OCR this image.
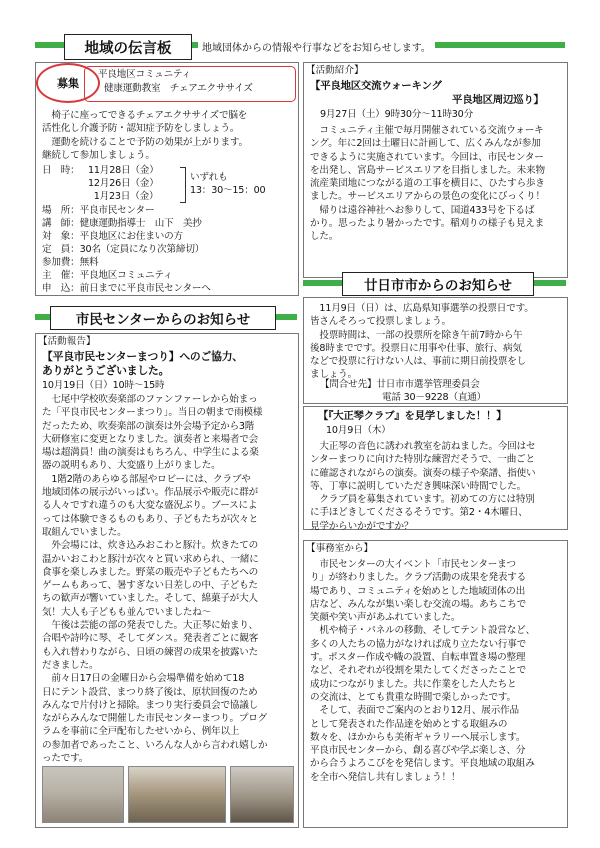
地域の伝言板	地域団体からの情報や行事などをお知らせします。
募集
平良地区コミュニティ
健康運動教室　チェアエクササイズ
　椅子に座ってできるチェアエクササイズで脳を
活性化し介護予防・認知症予防をしましょう。
　運動を続けることで予防の効果が上がります。
継続して参加しましょう。
日　時： 11月28日（金）
12月26日（金）
1月23日（金）
いずれも
13：30～15：00
場　所：平良市民センター
講　師：健康運動指導士　山下　美抄
対　象：平良地区にお住まいの方
定　員：30名（定員になり次第締切）
参加費：無料
主　催：平良地区コミュニティ
申　込：前日までに平良市民センターへ
【活動紹介】
【平良地区交流ウォーキング
平良地区周辺巡り】
9月27日（土）9時30分～11時30分
　コミュニティ主催で毎月開催されている交流ウォーキ
ング。年に2回は土曜日に計画して、広くみんなが参加
できるように実施されています。今回は、市民センター
を出発し、宮島サービスエリアを目指しました。未来物
流産業団地につながる道の工事を横目に、ひたすら歩き
ました。サービスエリアからの景色の変化にびっくり！
　帰りは遠谷神社へお参りして、国道433号を下るば
かり。思ったより暑かったです。稲刈りの様子も見えま
した。
廿日市市からのお知らせ
　11月9日（日）は、広島県知事選挙の投票日です。
皆さんそろって投票しましょう。
　投票時間は、一部の投票所を除き午前7時から午
後8時までです。投票日に用事や仕事、旅行、病気
などで投票に行けない人は、事前に期日前投票をし
ましょう。
【問合せ先】廿日市市選挙管理委員会
電話 30－9228（直通）
【『大正琴クラブ』を見学しました！！】
10月9日（木）
　大正琴の音色に誘われ教室を訪ねました。今回はセ
ンターまつりに向けた特別な練習だそうで、一曲ごと
に確認されながらの演奏。演奏の様子や楽譜、指使い
等、丁寧に説明していただき興味深い時間でした。
　クラブ員を募集されています。初めての方には特別
に手ほどきしてくださるそうです。第2・4木曜日、
見学からいかがですか？
【事務室から】
　市民センターの大イベント「市民センターまつ
り」が終わりました。クラブ活動の成果を発表する
場であり、コミュニティを始めとした地域団体の出
店など、みんなが集い楽しむ交流の場。あちこちで
笑顔や笑い声があふれていました。
　机や椅子・パネルの移動、そしてテント設営など、
多くの人たちの協力がなければ成り立たない行事で
す。ポスター作成や幟の設置、自転車置き場の整理
など、それぞれが役割を果たしてくださったことで
成功につながりました。共に作業をした人たちと
の交流は、とても貴重な時間で楽しかったです。
　そして、表面でご案内のとおり12月、展示作品
として発表された作品達を始めとする取組みの
数々を、ほかからも美術ギャラリーへ展示します。
平良市民センターから、創る喜びや学ぶ楽しさ、分
から合うよろこびをを発信します。平良地域の取組み
を全市へ発信し共有しましょう！！
市民センターからのお知らせ
【活動報告】
【平良市民センターまつり】へのご協力、
ありがとうございました。
10月19日（日）10時～15時
　七尾中学校吹奏楽部のファンファーレから始まっ
た「平良市民センターまつり」。当日の朝まで雨模様
だったため、吹奏楽部の演奏は外会場予定から3階
大研修室に変更となりました。演奏者と来場者で会
場は超満員！曲の演奏はもちろん、中学生による楽
器の説明もあり、大変盛り上がりました。
　1階2階のあらゆる部屋やロビーには、クラブや
地域団体の展示がいっぱい。作品展示や販売に群が
る人々ですれ違うのも大変な盛況ぶり。ブースによ
っては体験できるものもあり、子どもたちが次々と
取組んでいました。
　外会場には、炊き込みおこわと豚汁。炊きたての
温かいおこわと豚汁が次々と買い求められ、一緒に
食事を楽しみました。野菜の販売や子どもたちへの
ゲームもあって、暑すぎない日差しの中、子どもた
ちの歓声が響いていました。そして、綿菓子が大人
気！大人も子どもも並んでいましたね～
　午後は芸能の部の発表でした。大正琴に始まり、
合唱や詩吟に琴、そしてダンス。発表者ごとに観客
も入れ替わりながら、日頃の練習の成果を披露いた
だきました。
　前々日17日の金曜日から会場準備を始めて18
日にテント設営、まつり終了後は、原状回復のため
みんなで片付けと掃除。まつり実行委員会で協議し
ながらみんなで開催した市民センターまつり。プログ
ラムを事前に全戸配布したせいから、例年以上
の参加者であったこと、いろんな人から言われ嬉しか
ったです。
